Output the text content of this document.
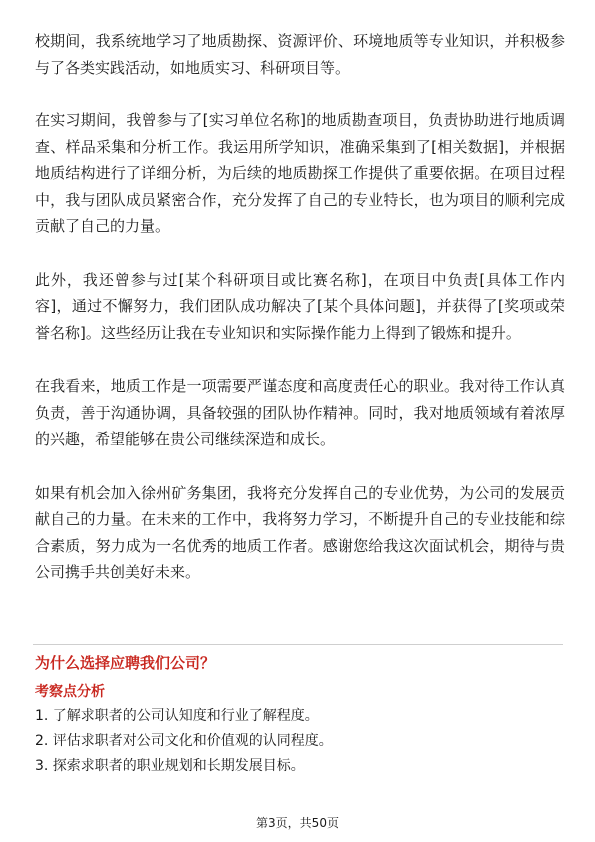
校期间，我系统地学习了地质勘探、资源评价、环境地质等专业知识，并积极参与了各类实践活动，如地质实习、科研项目等。

在实习期间，我曾参与了[实习单位名称]的地质勘查项目，负责协助进行地质调查、样品采集和分析工作。我运用所学知识，准确采集到了[相关数据]，并根据地质结构进行了详细分析，为后续的地质勘探工作提供了重要依据。在项目过程中，我与团队成员紧密合作，充分发挥了自己的专业特长，也为项目的顺利完成贡献了自己的力量。

此外，我还曾参与过[某个科研项目或比赛名称]，在项目中负责[具体工作内容]，通过不懈努力，我们团队成功解决了[某个具体问题]，并获得了[奖项或荣誉名称]。这些经历让我在专业知识和实际操作能力上得到了锻炼和提升。

在我看来，地质工作是一项需要严谨态度和高度责任心的职业。我对待工作认真负责，善于沟通协调，具备较强的团队协作精神。同时，我对地质领域有着浓厚的兴趣，希望能够在贵公司继续深造和成长。

如果有机会加入徐州矿务集团，我将充分发挥自己的专业优势，为公司的发展贡献自己的力量。在未来的工作中，我将努力学习，不断提升自己的专业技能和综合素质，努力成为一名优秀的地质工作者。感谢您给我这次面试机会，期待与贵公司携手共创美好未来。

为什么选择应聘我们公司？
考察点分析
1. 了解求职者的公司认知度和行业了解程度。
2. 评估求职者对公司文化和价值观的认同程度。
3. 探索求职者的职业规划和长期发展目标。
第3页，共50页
